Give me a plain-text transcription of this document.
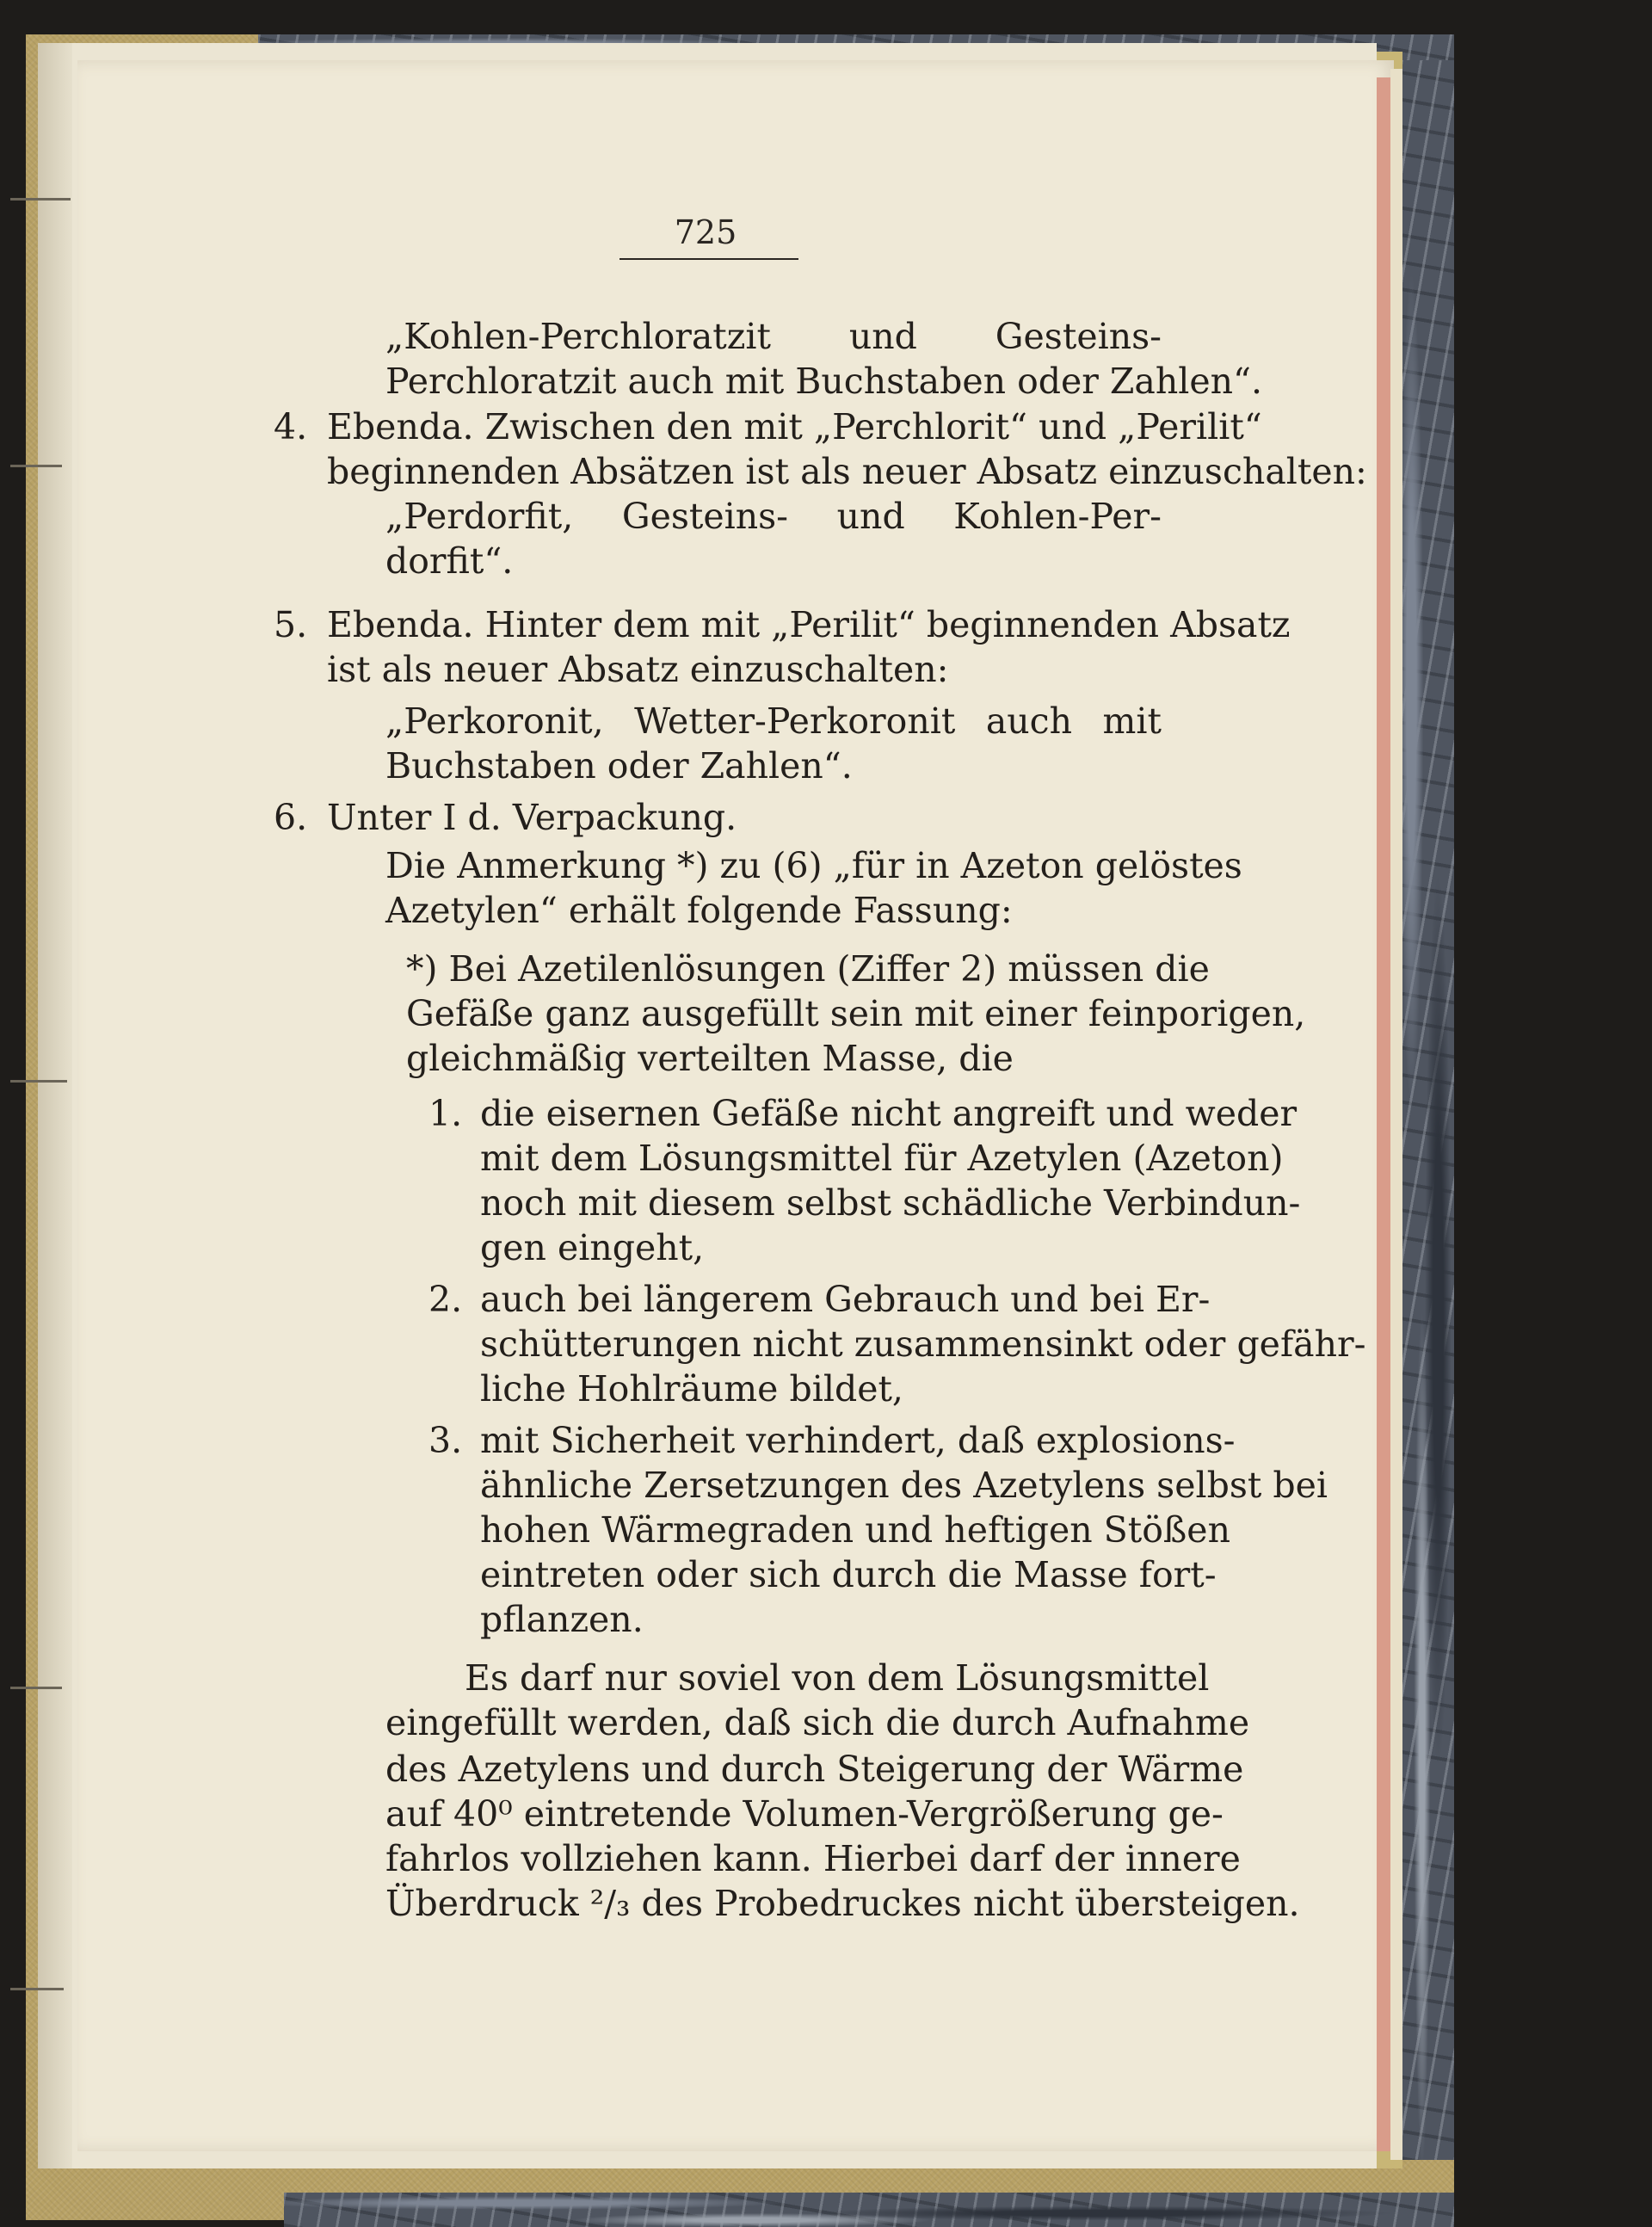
725
„Kohlen-Perchloratzit und Gesteins-
Perchloratzit auch mit Buchstaben oder Zahlen“.
4. Ebenda. Zwischen den mit „Perchlorit“ und „Perilit“
beginnenden Absätzen ist als neuer Absatz einzuschalten:
„Perdorfit, Gesteins- und Kohlen-Per-
dorfit“.
5. Ebenda. Hinter dem mit „Perilit“ beginnenden Absatz
ist als neuer Absatz einzuschalten:
„Perkoronit, Wetter-Perkoronit auch mit
Buchstaben oder Zahlen“.
6. Unter I d. Verpackung.
Die Anmerkung *) zu (6) „für in Azeton gelöstes
Azetylen“ erhält folgende Fassung:
*) Bei Azetilenlösungen (Ziffer 2) müssen die
Gefäße ganz ausgefüllt sein mit einer feinporigen,
gleichmäßig verteilten Masse, die
1. die eisernen Gefäße nicht angreift und weder
mit dem Lösungsmittel für Azetylen (Azeton)
noch mit diesem selbst schädliche Verbindun-
gen eingeht,
2. auch bei längerem Gebrauch und bei Er-
schütterungen nicht zusammensinkt oder gefähr-
liche Hohlräume bildet,
3. mit Sicherheit verhindert, daß explosions-
ähnliche Zersetzungen des Azetylens selbst bei
hohen Wärmegraden und heftigen Stößen
eintreten oder sich durch die Masse fort-
pflanzen.
Es darf nur soviel von dem Lösungsmittel
eingefüllt werden, daß sich die durch Aufnahme
des Azetylens und durch Steigerung der Wärme
auf 40⁰ eintretende Volumen-Vergrößerung ge-
fahrlos vollziehen kann. Hierbei darf der innere
Überdruck ²/₃ des Probedruckes nicht übersteigen.
